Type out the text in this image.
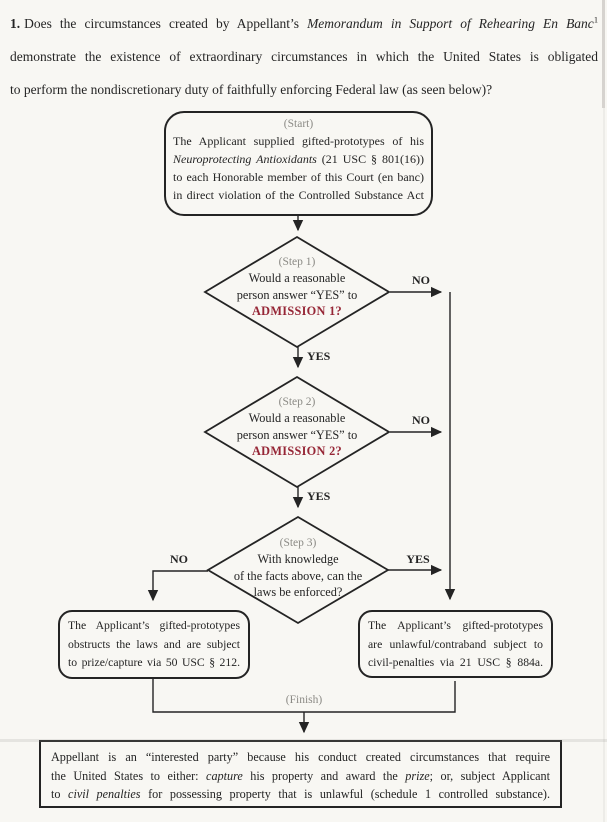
1. Does the circumstances created by Appellant’s Memorandum in Support of Rehearing En Banc$^1$
demonstrate the existence of extraordinary circumstances in which the United States is obligated
to perform the nondiscretionary duty of faithfully enforcing Federal law (as seen below)?
(Start)
The Applicant supplied gifted-prototypes of his
Neuroprotecting Antioxidants (21 USC § 801(16))
to each Honorable member of this Court (en banc)
in direct violation of the Controlled Substance Act
(Step 1)
Would a reasonable
person answer “YES” to
ADMISSION 1?
(Step 2)
Would a reasonable
person answer “YES” to
ADMISSION 2?
(Step 3)
With knowledge
of the facts above, can the
laws be enforced?
NO
YES
NO
YES
NO	YES
The Applicant’s gifted-prototypes
obstructs the laws and are subject
to prize/capture via 50 USC § 212.
The Applicant’s gifted-prototypes
are unlawful/contraband subject to
civil-penalties via 21 USC § 884a.
(Finish)
Appellant is an “interested party” because his conduct created circumstances that require
the United States to either: capture his property and award the prize; or, subject Applicant
to civil penalties for possessing property that is unlawful (schedule 1 controlled substance).
